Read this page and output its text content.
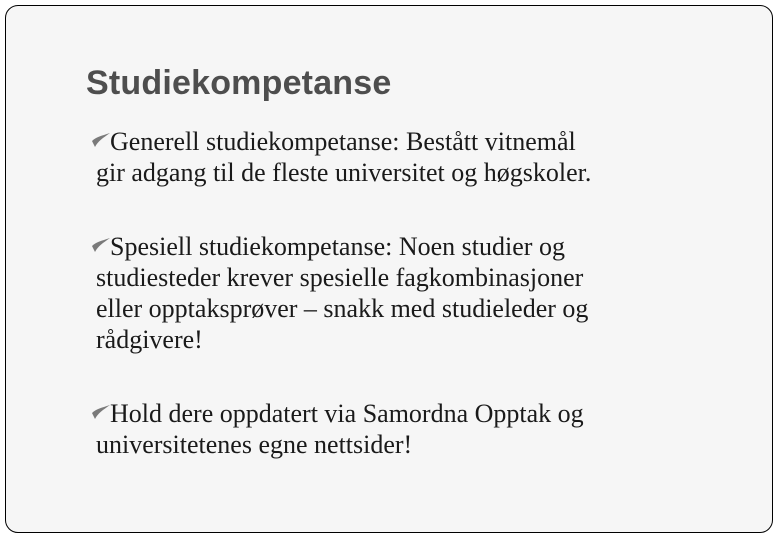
Studiekompetanse
Generell studiekompetanse: Bestått vitnemål
gir adgang til de fleste universitet og høgskoler.
Spesiell studiekompetanse: Noen studier og
studiesteder krever spesielle fagkombinasjoner
eller opptaksprøver – snakk med studieleder og
rådgivere!
Hold dere oppdatert via Samordna Opptak og
universitetenes egne nettsider!
